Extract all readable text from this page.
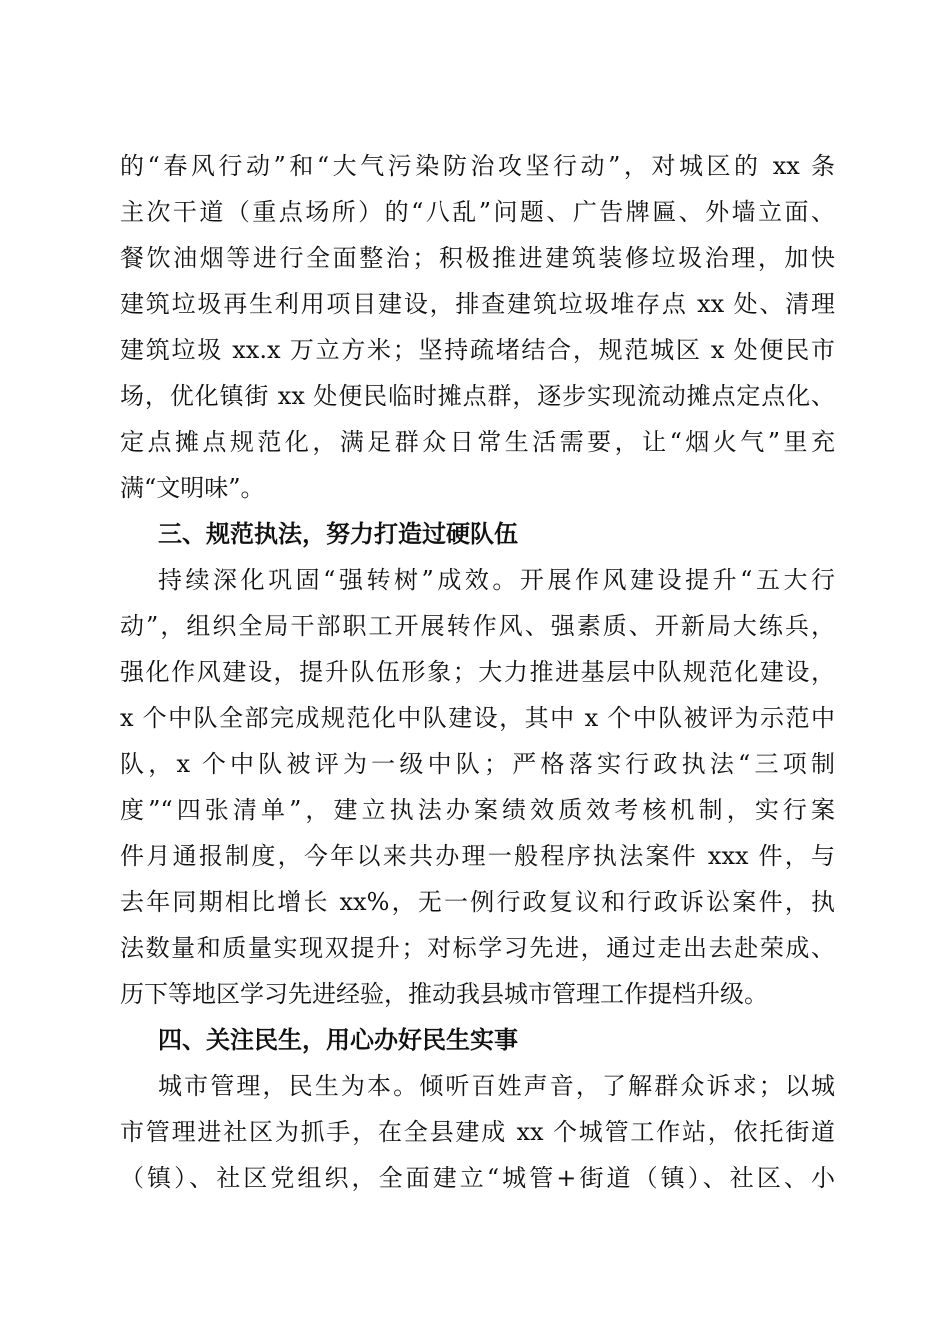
的“春风行动”和“大气污染防治攻坚行动”，对城区的 xx 条
主次干道（重点场所）的“八乱”问题、广告牌匾、外墙立面、
餐饮油烟等进行全面整治；积极推进建筑装修垃圾治理，加快
建筑垃圾再生利用项目建设，排查建筑垃圾堆存点 xx 处、清理
建筑垃圾 xx.x 万立方米；坚持疏堵结合，规范城区 x 处便民市
场，优化镇街 xx 处便民临时摊点群，逐步实现流动摊点定点化、
定点摊点规范化，满足群众日常生活需要，让“烟火气”里充
满“文明味”。
三、规范执法，努力打造过硬队伍
持续深化巩固“强转树”成效。开展作风建设提升“五大行
动”，组织全局干部职工开展转作风、强素质、开新局大练兵，
强化作风建设，提升队伍形象；大力推进基层中队规范化建设，
x 个中队全部完成规范化中队建设，其中 x 个中队被评为示范中
队，x 个中队被评为一级中队；严格落实行政执法“三项制
度”“四张清单”，建立执法办案绩效质效考核机制，实行案
件月通报制度，今年以来共办理一般程序执法案件 xxx 件，与
去年同期相比增长 xx%，无一例行政复议和行政诉讼案件，执
法数量和质量实现双提升；对标学习先进，通过走出去赴荣成、
历下等地区学习先进经验，推动我县城市管理工作提档升级。
四、关注民生，用心办好民生实事
城市管理，民生为本。倾听百姓声音，了解群众诉求；以城
市管理进社区为抓手，在全县建成 xx 个城管工作站，依托街道
（镇）、社区党组织，全面建立“城管+街道（镇）、社区、小
